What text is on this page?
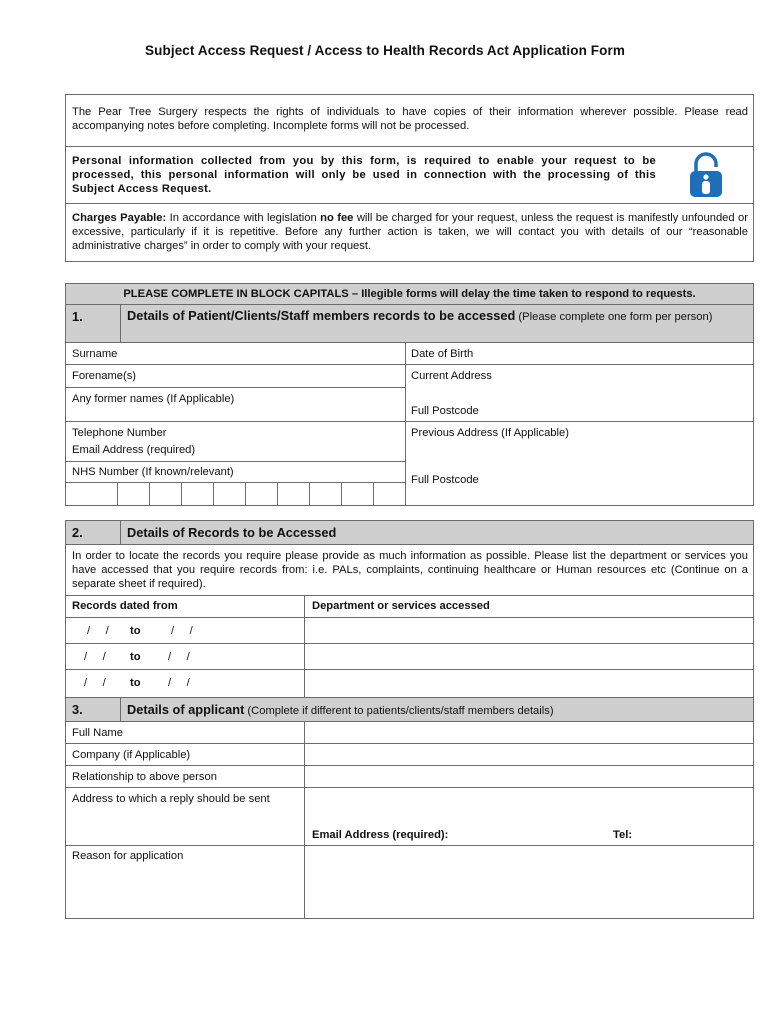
Subject Access Request / Access to Health Records Act Application Form
The Pear Tree Surgery respects the rights of individuals to have copies of their information wherever possible. Please read accompanying notes before completing. Incomplete forms will not be processed.
Personal information collected from you by this form, is required to enable your request to be processed, this personal information will only be used in connection with the processing of this Subject Access Request.
Charges Payable: In accordance with legislation no fee will be charged for your request, unless the request is manifestly unfounded or excessive, particularly if it is repetitive. Before any further action is taken, we will contact you with details of our “reasonable administrative charges” in order to comply with your request.
PLEASE COMPLETE IN BLOCK CAPITALS – Illegible forms will delay the time taken to respond to requests.
1.	Details of Patient/Clients/Staff members records to be accessed (Please complete one form per person)
Surname	Date of Birth
Forename(s)	Current Address
Any former names (If Applicable)
Full Postcode
Telephone Number
Email Address (required)
Previous Address (If Applicable)
NHS Number (If known/relevant)
Full Postcode
2.	Details of Records to be Accessed
In order to locate the records you require please provide as much information as possible. Please list the department or services you have accessed that you require records from: i.e. PALs, complaints, continuing healthcare or Human resources etc (Continue on a separate sheet if required).
Records dated from	Department or services accessed
/     / to	/     /
/     / to /     /
/     / to /     /
3.	Details of applicant (Complete if different to patients/clients/staff members details)
Full Name
Company (if Applicable)
Relationship to above person
Address to which a reply should be sent
Email Address (required):	Tel:
Reason for application
